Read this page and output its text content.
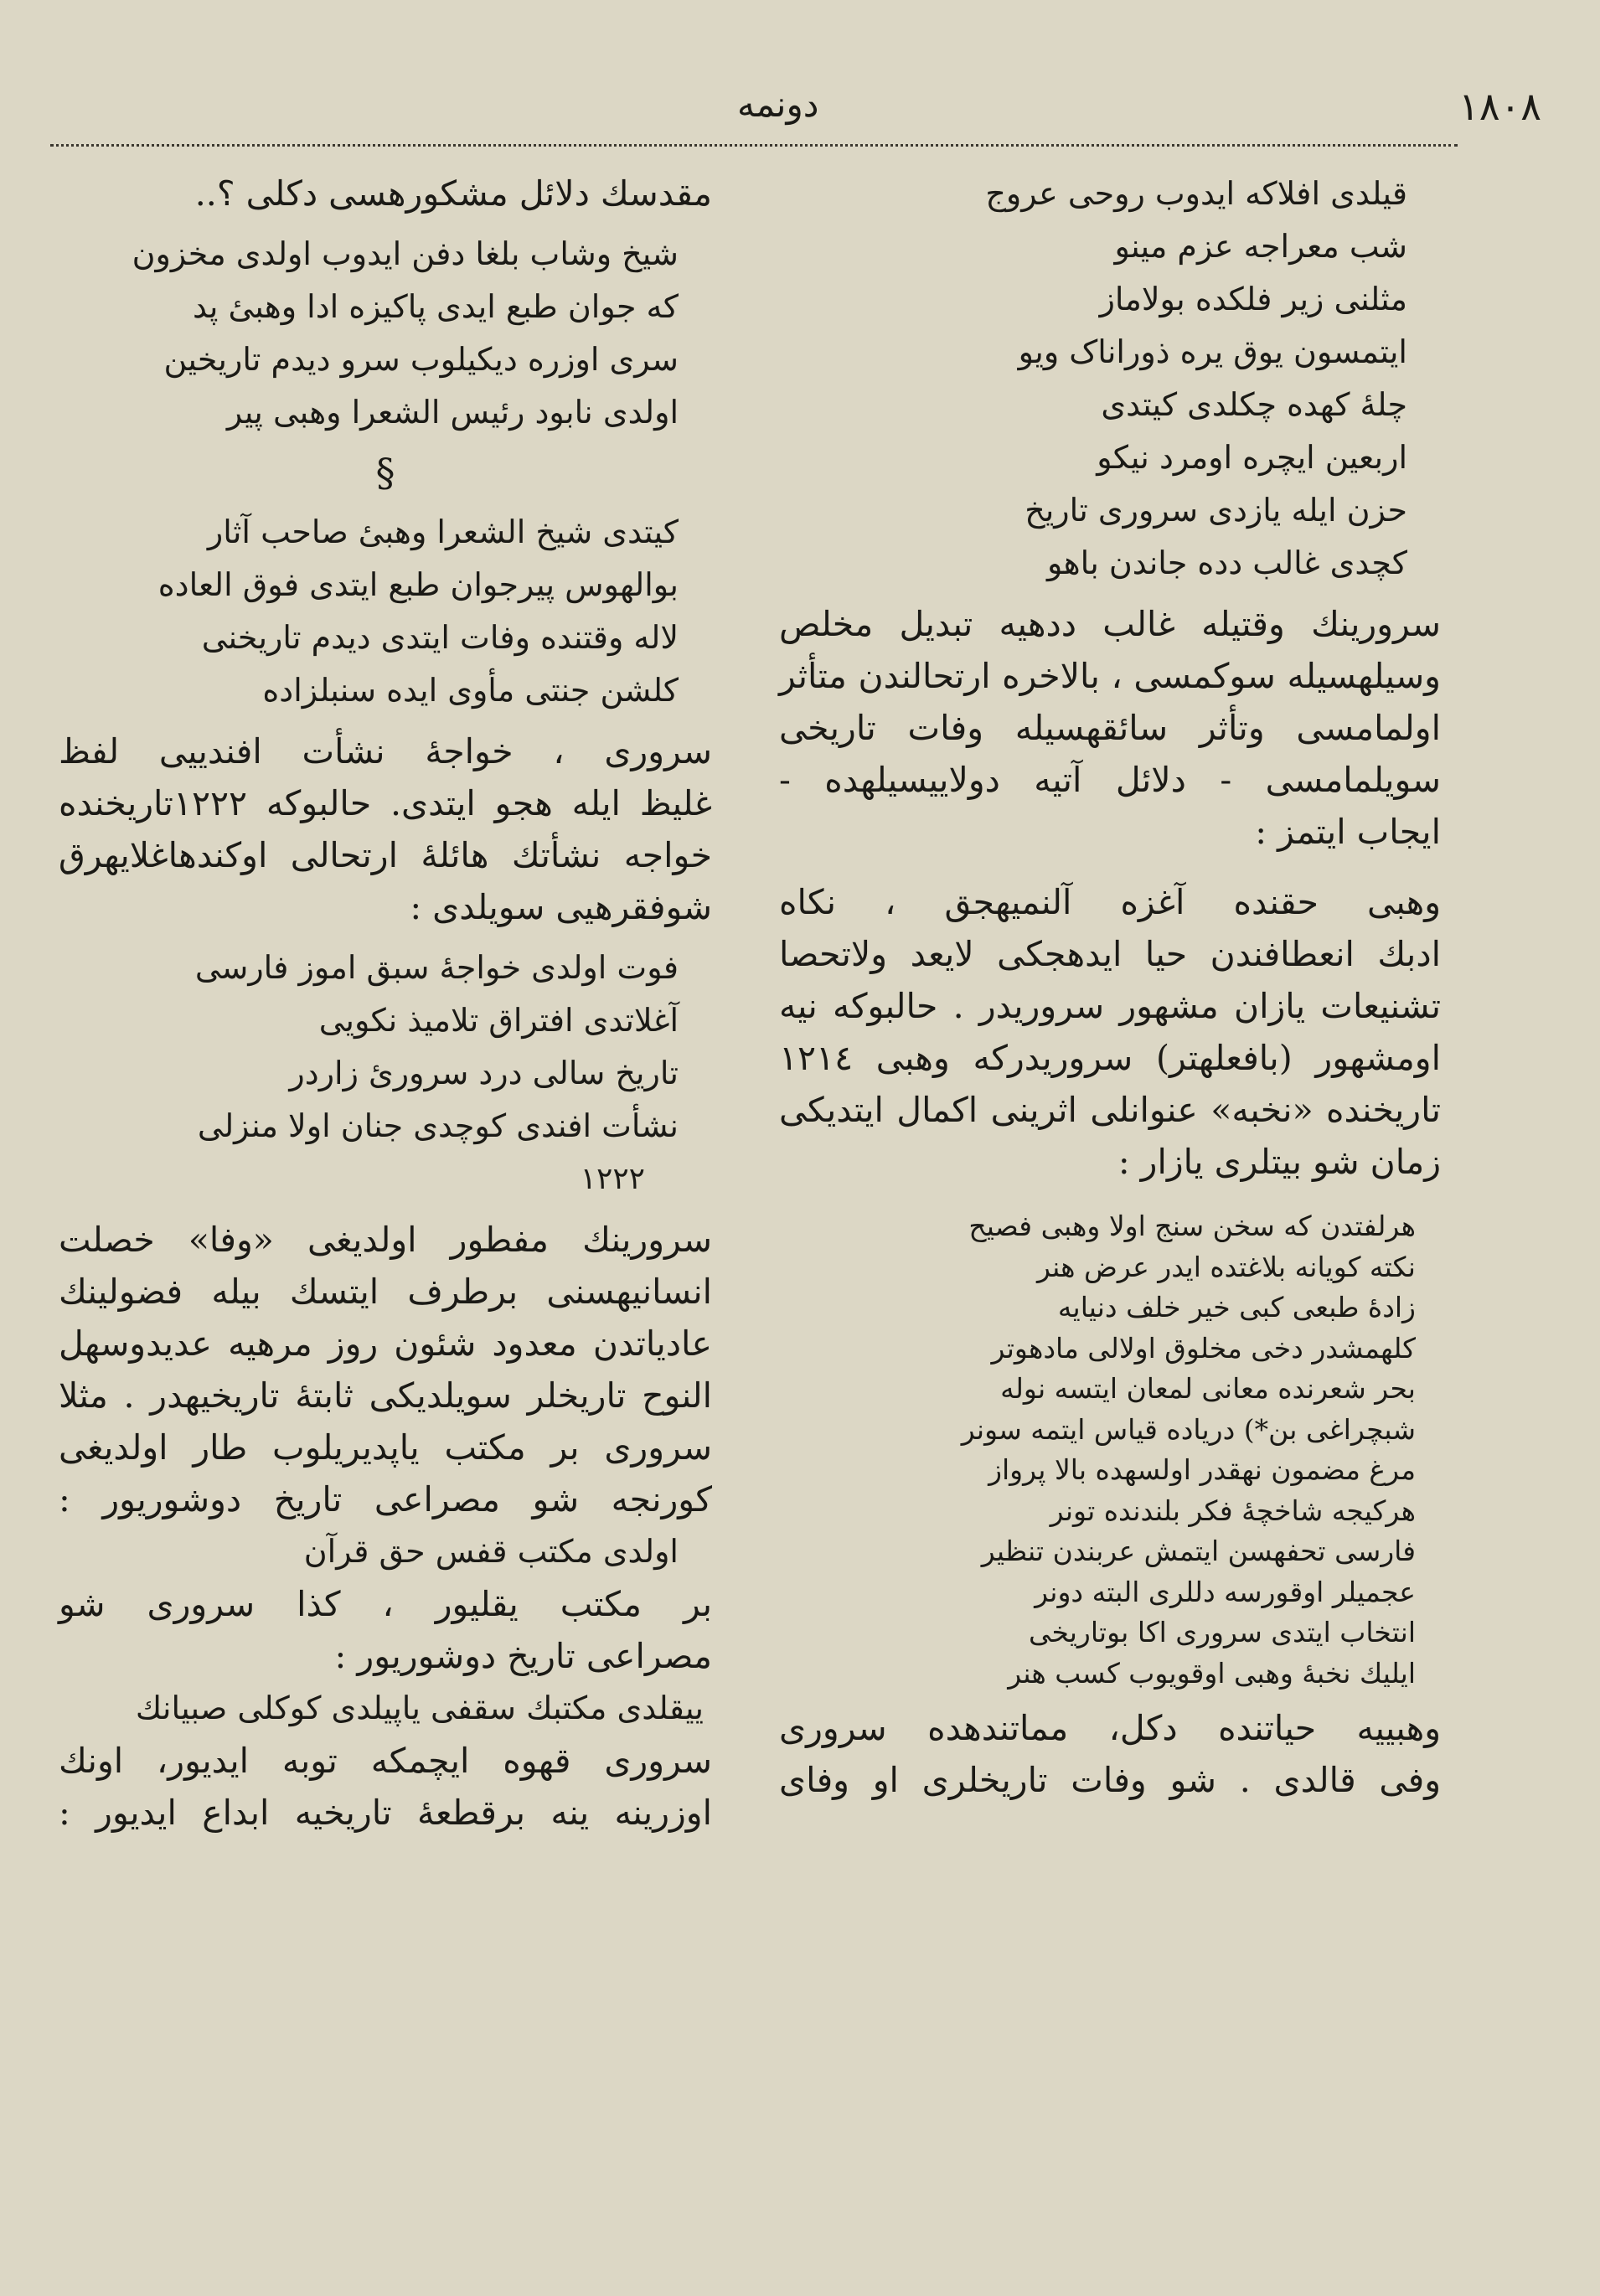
١٨٠٨
دونمه
قیلدی افلاکه ایدوب روحی عروج
شب معراجه عزم مینو
مثلنی زیر فلکده بولاماز
ایتمسون یوق یره ذوراناک ویو
چلهٔ کهده چکلدی کیتدی
اربعین ایچره اومرد نیکو
حزن ایله یازدی سروری تاریخ
کچدی غالب دده جاندن باهو
سرورینك وقتیله غالب ددهیه تبدیل مخلص
وسیلهسیله سوکمسی ، بالاخره ارتحالندن متأثر
اولمامسی وتأثر سائقهسیله وفات تاریخی
سویلمامسی - دلائل آتیه دولاییسیلهده -
ایجاب ایتمز :
وهبی حقنده آغزه آلنمیهجق ، نکاه
ادبك انعطافندن حیا ایدهجکی لایعد ولاتحصا
تشنیعات یازان مشهور سروریدر . حالبوکه نیه
اومشهور (بافعلهتر) سروریدرکه وهبی ١٢١٤
تاریخنده «نخبه» عنوانلی اثرینی اکمال ایتدیکی
زمان شو بیتلری یازار :
هرلفتدن که سخن سنج اولا وهبی فصیح
نکته کویانه بلاغتده ایدر عرض هنر
زادهٔ طبعی کبی خیر خلف دنیایه
کلهمشدر دخی مخلوق اولالی مادهوتر
بحر شعرنده معانی لمعان ایتسه نوله
شبچراغی بن*) دریاده قیاس ایتمه سونر
مرغ مضمون نهقدر اولسهده بالا پرواز
هرکیجه شاخچهٔ فکر بلندنده تونر
فارسی تحفهسن ایتمش عربندن تنظیر
عجمیلر اوقورسه دللری البته دونر
انتخاب ایتدی سروری اکا بوتاریخی
ایلیك نخبهٔ وهبی اوقویوب کسب هنر
وهبییه حیاتنده دکل، مماتندهده سروری
وفی قالدی . شو وفات تاریخلری او وفای
مقدسك دلائل مشکورهسی دکلی ؟..
شیخ وشاب بلغا دفن ایدوب اولدی مخزون
که جوان طبع ایدی پاکیزه ادا وهبیٔ پد
سری اوزره دیکیلوب سرو دیدم تاریخین
اولدی نابود رئیس الشعرا وهبی پیر
§
کیتدی شیخ الشعرا وهبیٔ صاحب آثار
بوالهوس پیرجوان طبع ایتدی فوق العاده
لاله وقتنده وفات ایتدی دیدم تاریخنی
کلشن جنتی مأوی ایده سنبلزاده
سروری ، خواجهٔ نشأت افندییی لفظ
غلیظ ایله هجو ایتدی. حالبوکه ١٢٢٢تاریخنده
خواجه نشأتك هائلهٔ ارتحالی اوکندهاغلایهرق
شوفقرهیی سویلدی :
فوت اولدی خواجهٔ سبق اموز فارسی
آغلاتدی افتراق تلامیذ نکویی
تاریخ سالی درد سروریٔ زاردر
نشأت افندی کوچدی جنان اولا منزلی
١٢٢٢
سرورینك مفطور اولدیغی «وفا» خصلت
انسانیهسنی برطرف ایتسك بیله فضولینك
عادیاتدن معدود شئون روز مرهیه عدیدوسهل
النوح تاریخلر سویلدیکی ثابتهٔ تاریخیهدر . مثلا
سروری بر مکتب یاپدیریلوب طار اولدیغی
کورنجه شو مصراعی تاریخ دوشوریور :
اولدی مکتب قفس حق قرآن
بر مکتب یقلیور ، کذا سروری شو
مصراعی تاریخ دوشوریور :
ییقلدی مکتبك سقفی یاپیلدی کوکلی صبیانك
سروری قهوه ایچمکه توبه ایدیور، اونك
اوزرینه ینه برقطعهٔ تاریخیه ابداع ایدیور :
